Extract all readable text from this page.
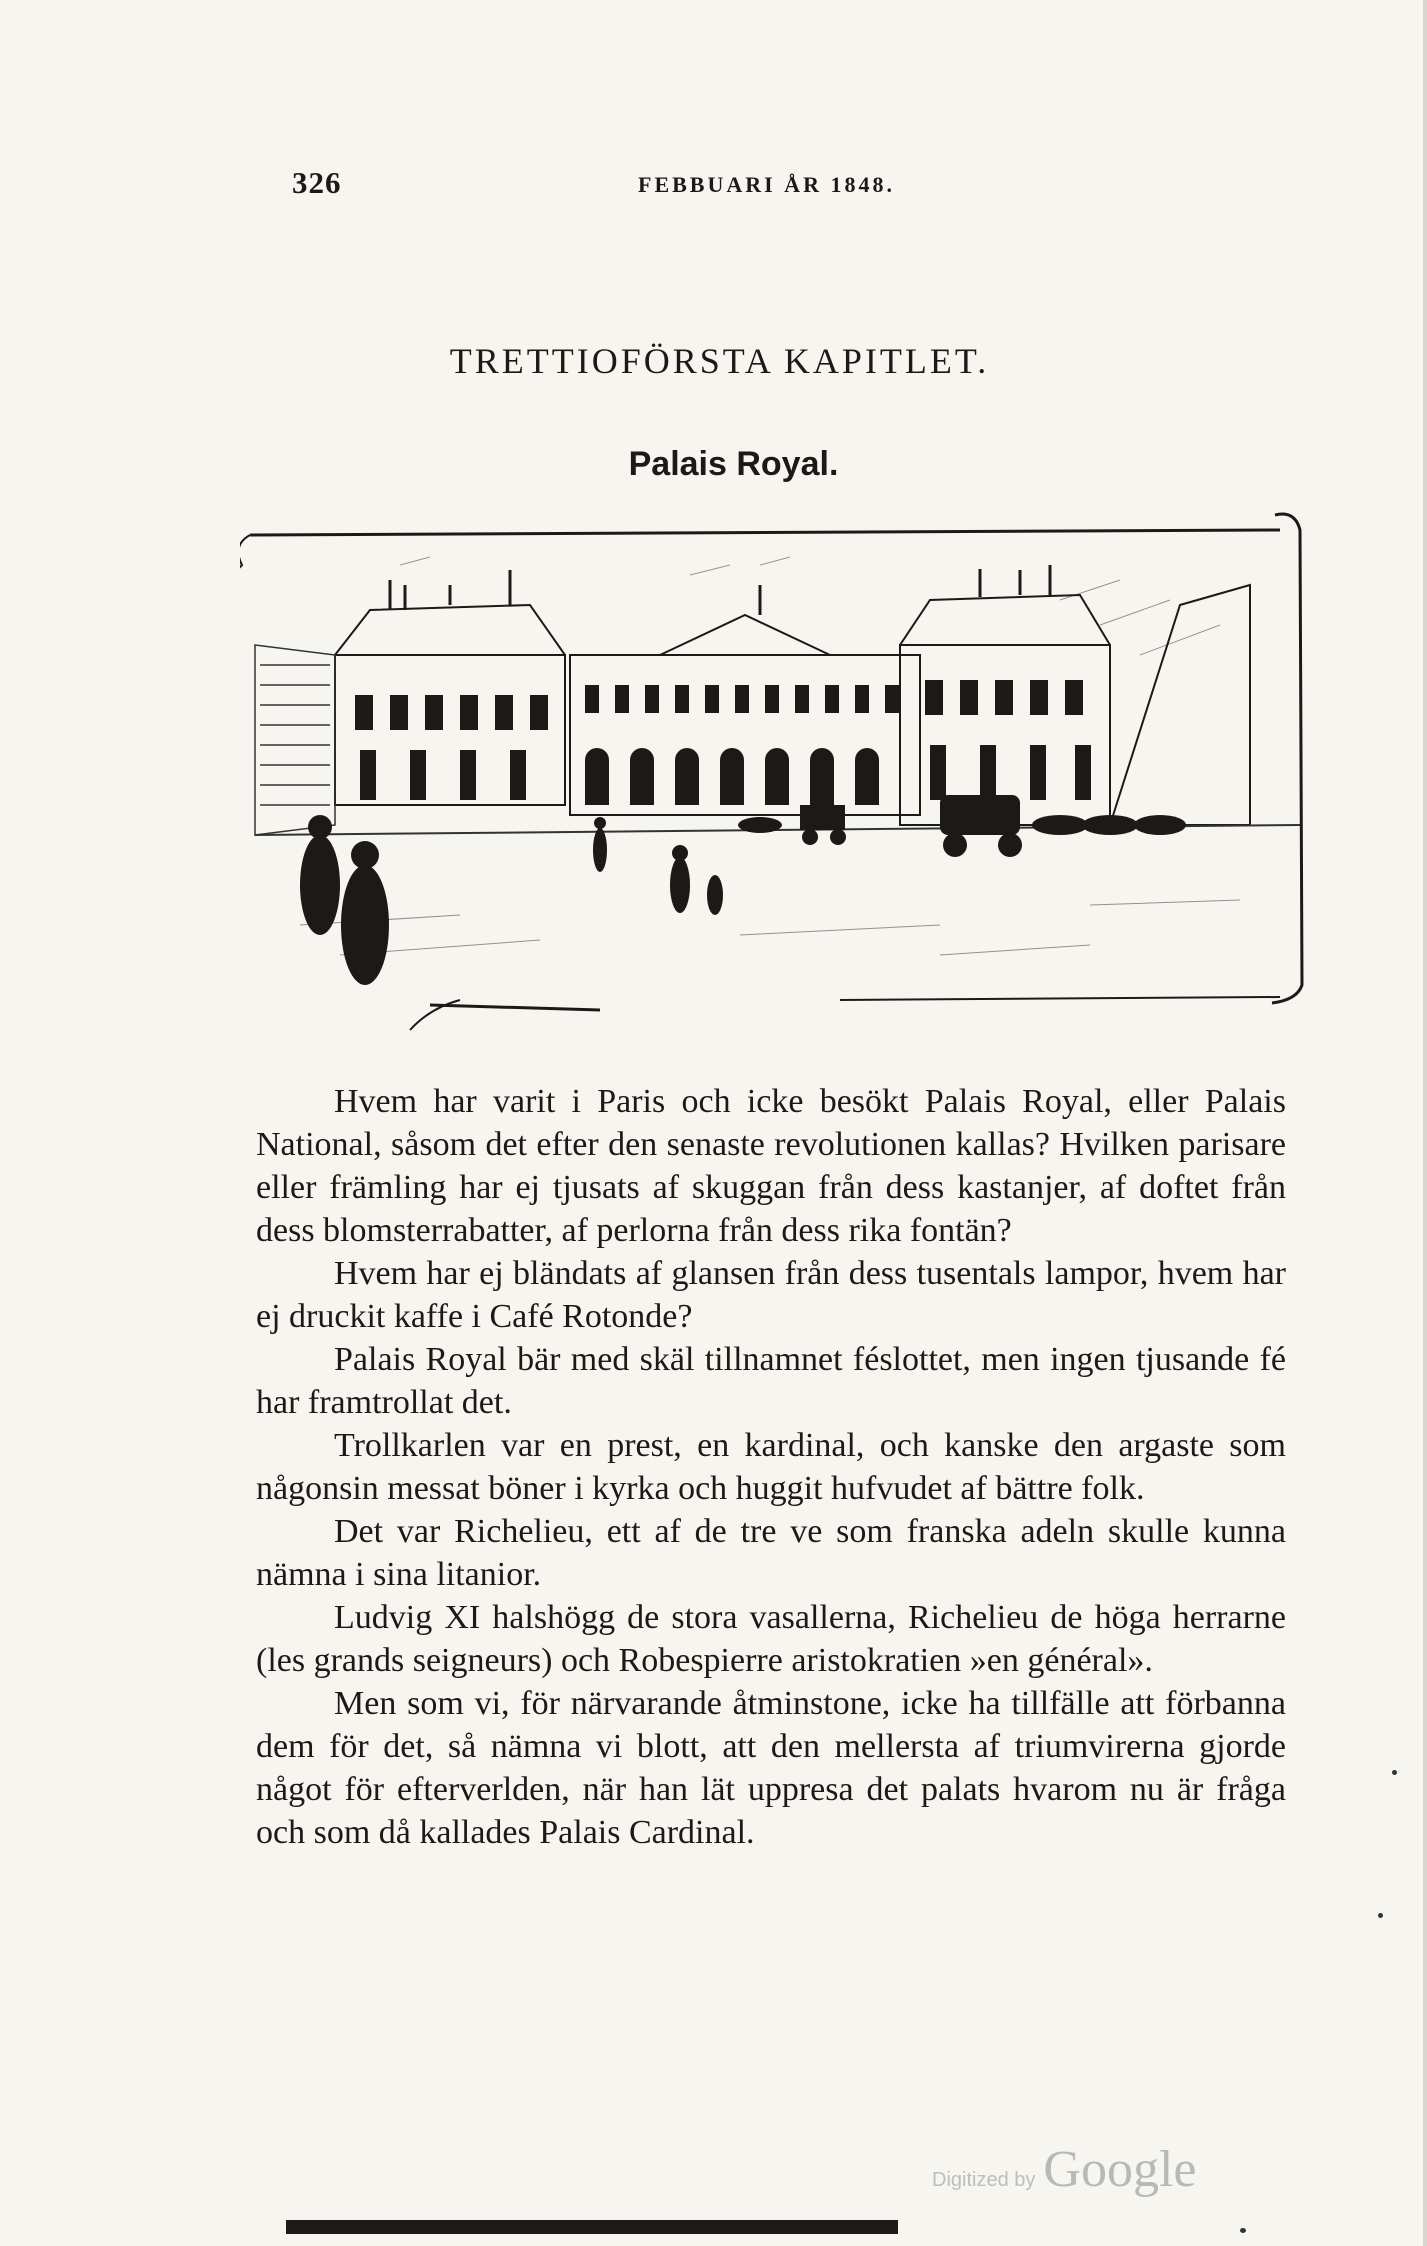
326	FEBBUARI ÅR 1848.
TRETTIOFÖRSTA KAPITLET.
Palais Royal.

Hvem har varit i Paris och icke besökt Palais Royal, eller Palais National, såsom det efter den senaste revolutionen kallas? Hvilken parisare eller främling har ej tjusats af skuggan från dess kastanjer, af doftet från dess blomsterrabatter, af perlorna från dess rika fontän?

Hvem har ej bländats af glansen från dess tusentals lampor, hvem har ej druckit kaffe i Café Rotonde?

Palais Royal bär med skäl tillnamnet féslottet, men ingen tjusande fé har framtrollat det.

Trollkarlen var en prest, en kardinal, och kanske den argaste som någonsin messat böner i kyrka och huggit hufvudet af bättre folk.

Det var Richelieu, ett af de tre ve som franska adeln skulle kunna nämna i sina litanior.

Ludvig XI halshögg de stora vasallerna, Richelieu de höga herrarne (les grands seigneurs) och Robespierre aristokratien »en général».

Men som vi, för närvarande åtminstone, icke ha tillfälle att förbanna dem för det, så nämna vi blott, att den mellersta af triumvirerna gjorde något för efterverlden, när han lät uppresa det palats hvarom nu är fråga och som då kallades Palais Cardinal.

Digitized by Google
